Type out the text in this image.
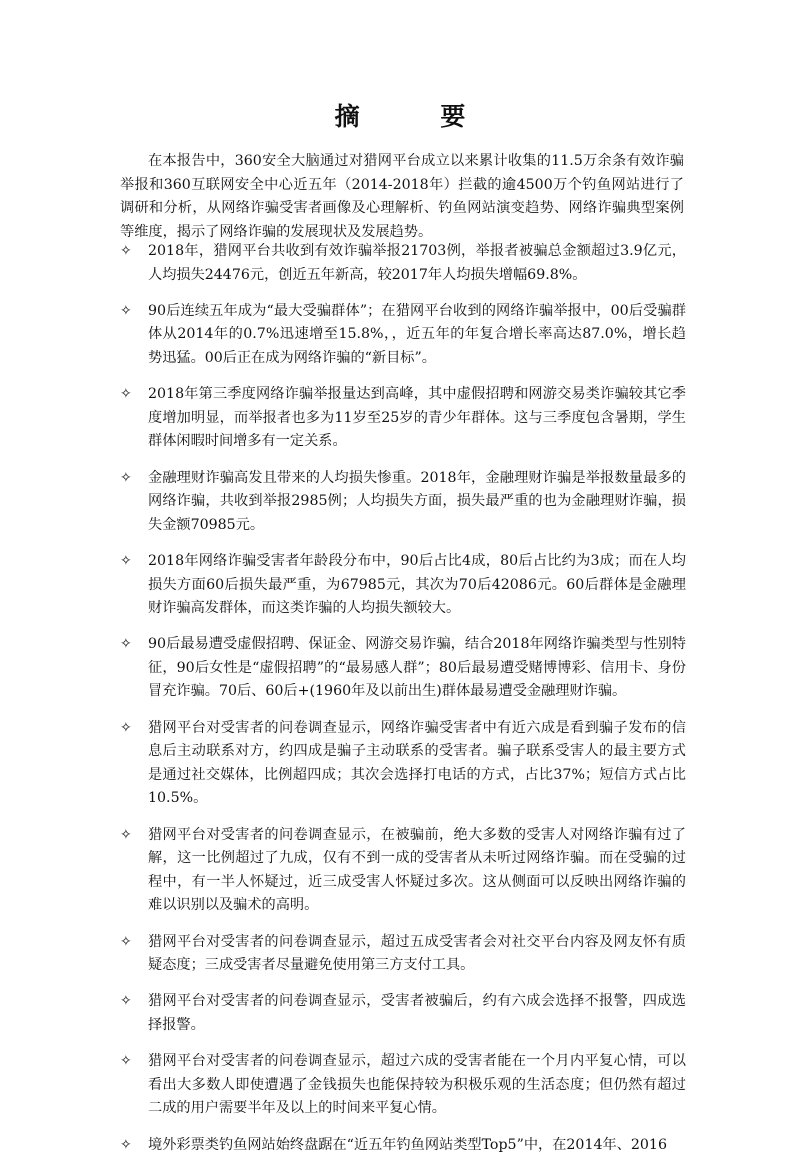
摘 要

在本报告中，360安全大脑通过对猎网平台成立以来累计收集的11.5万余条有效诈骗举报和360互联网安全中心近五年（2014-2018年）拦截的逾4500万个钓鱼网站进行了调研和分析，从网络诈骗受害者画像及心理解析、钓鱼网站演变趋势、网络诈骗典型案例等维度，揭示了网络诈骗的发展现状及发展趋势。

✧ 2018年，猎网平台共收到有效诈骗举报21703例，举报者被骗总金额超过3.9亿元，人均损失24476元，创近五年新高，较2017年人均损失增幅69.8%。
✧ 90后连续五年成为“最大受骗群体”；在猎网平台收到的网络诈骗举报中，00后受骗群体从2014年的0.7%迅速增至15.8%，，近五年的年复合增长率高达87.0%，增长趋势迅猛。00后正在成为网络诈骗的“新目标”。
✧ 2018年第三季度网络诈骗举报量达到高峰，其中虚假招聘和网游交易类诈骗较其它季度增加明显，而举报者也多为11岁至25岁的青少年群体。这与三季度包含暑期，学生群体闲暇时间增多有一定关系。
✧ 金融理财诈骗高发且带来的人均损失惨重。2018年，金融理财诈骗是举报数量最多的网络诈骗，共收到举报2985例；人均损失方面，损失最严重的也为金融理财诈骗，损失金额70985元。
✧ 2018年网络诈骗受害者年龄段分布中，90后占比4成，80后占比约为3成；而在人均损失方面60后损失最严重，为67985元，其次为70后42086元。60后群体是金融理财诈骗高发群体，而这类诈骗的人均损失额较大。
✧ 90后最易遭受虚假招聘、保证金、网游交易诈骗，结合2018年网络诈骗类型与性别特征，90后女性是“虚假招聘”的“最易感人群”；80后最易遭受赌博博彩、信用卡、身份冒充诈骗。70后、60后+(1960年及以前出生)群体最易遭受金融理财诈骗。
✧ 猎网平台对受害者的问卷调查显示，网络诈骗受害者中有近六成是看到骗子发布的信息后主动联系对方，约四成是骗子主动联系的受害者。骗子联系受害人的最主要方式是通过社交媒体，比例超四成；其次会选择打电话的方式，占比37%；短信方式占比10.5%。
✧ 猎网平台对受害者的问卷调查显示，在被骗前，绝大多数的受害人对网络诈骗有过了解，这一比例超过了九成，仅有不到一成的受害者从未听过网络诈骗。而在受骗的过程中，有一半人怀疑过，近三成受害人怀疑过多次。这从侧面可以反映出网络诈骗的难以识别以及骗术的高明。
✧ 猎网平台对受害者的问卷调查显示，超过五成受害者会对社交平台内容及网友怀有质疑态度；三成受害者尽量避免使用第三方支付工具。
✧ 猎网平台对受害者的问卷调查显示，受害者被骗后，约有六成会选择不报警，四成选择报警。
✧ 猎网平台对受害者的问卷调查显示，超过六成的受害者能在一个月内平复心情，可以看出大多数人即使遭遇了金钱损失也能保持较为积极乐观的生活态度；但仍然有超过二成的用户需要半年及以上的时间来平复心情。
✧ 境外彩票类钓鱼网站始终盘踞在“近五年钓鱼网站类型Top5”中，在2014年、2016
